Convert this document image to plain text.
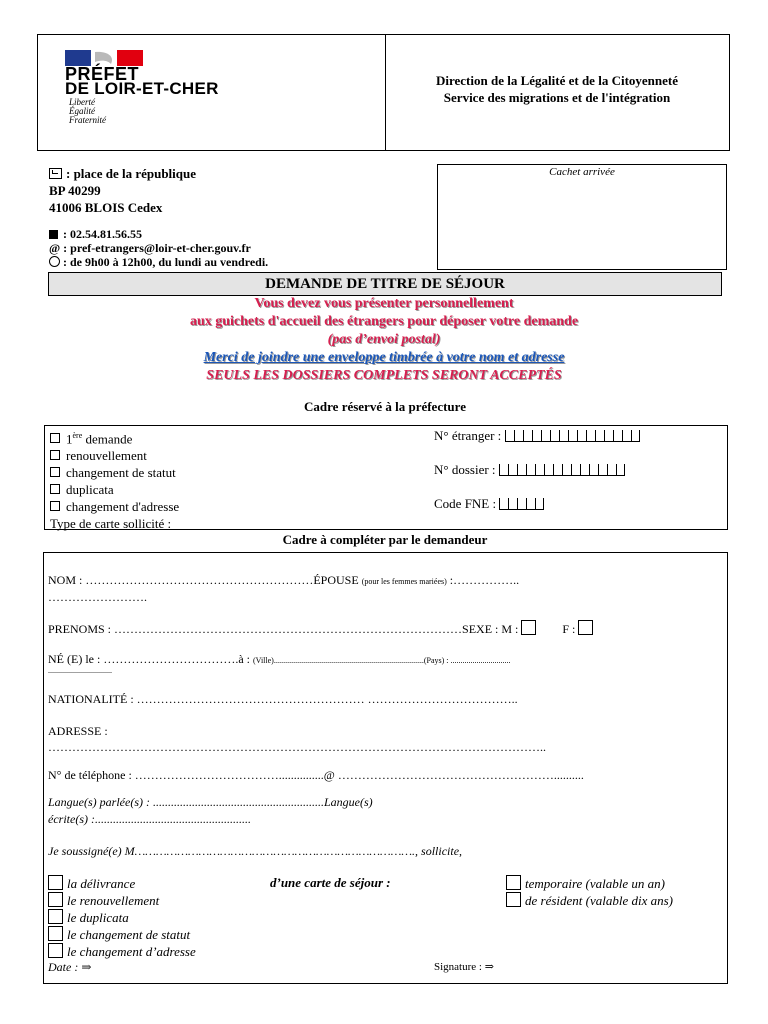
PRÉFET
DE LOIR-ET-CHER
Liberté
Égalité
Fraternité
Direction de la Légalité et de la Citoyenneté
Service des migrations et de l'intégration
: place de la république
BP 40299
41006 BLOIS Cedex
: 02.54.81.56.55
@ : pref-etrangers@loir-et-cher.gouv.fr
: de 9h00 à 12h00, du lundi au vendredi.
Cachet arrivée
DEMANDE DE TITRE DE SÉJOUR
Vous devez vous présenter personnellement
aux guichets d'accueil des étrangers pour déposer votre demande
(pas d’envoi postal)
Merci de joindre une enveloppe timbrée à votre nom et adresse
SEULS LES DOSSIERS COMPLETS SERONT ACCEPTÉS
Cadre réservé à la préfecture
1ère demande
renouvellement
changement de statut
duplicata
changement d'adresse
Type de carte sollicité :
N° étranger :
N° dossier :
Code FNE :
Cadre à compléter par le demandeur
NOM : …………………………………………………ÉPOUSE (pour les femmes mariées) :……………..
…………………….
PRENOMS : ……………………………………………………………………………SEXE : M :	F :
NÉ (E) le : …………………………….à : (Ville)...........................................................................(Pays) : ..............................
................................
NATIONALITÉ : ………………………………………………… ………………………………..
ADRESSE :
……………………………………………………………………………………………………………..
N° de téléphone : ………………………………...............@ ………………………………………………..........
Langue(s) parlée(s) : .........................................................Langue(s)
écrite(s) :....................................................
Je soussigné(e) M……………………………………………………………………., sollicite,
la délivrance
le renouvellement
le duplicata
le changement de statut
le changement d’adresse
d’une carte de séjour :	temporaire (valable un an)
de résident (valable dix ans)
Date : ⇒	Signature : ⇒
